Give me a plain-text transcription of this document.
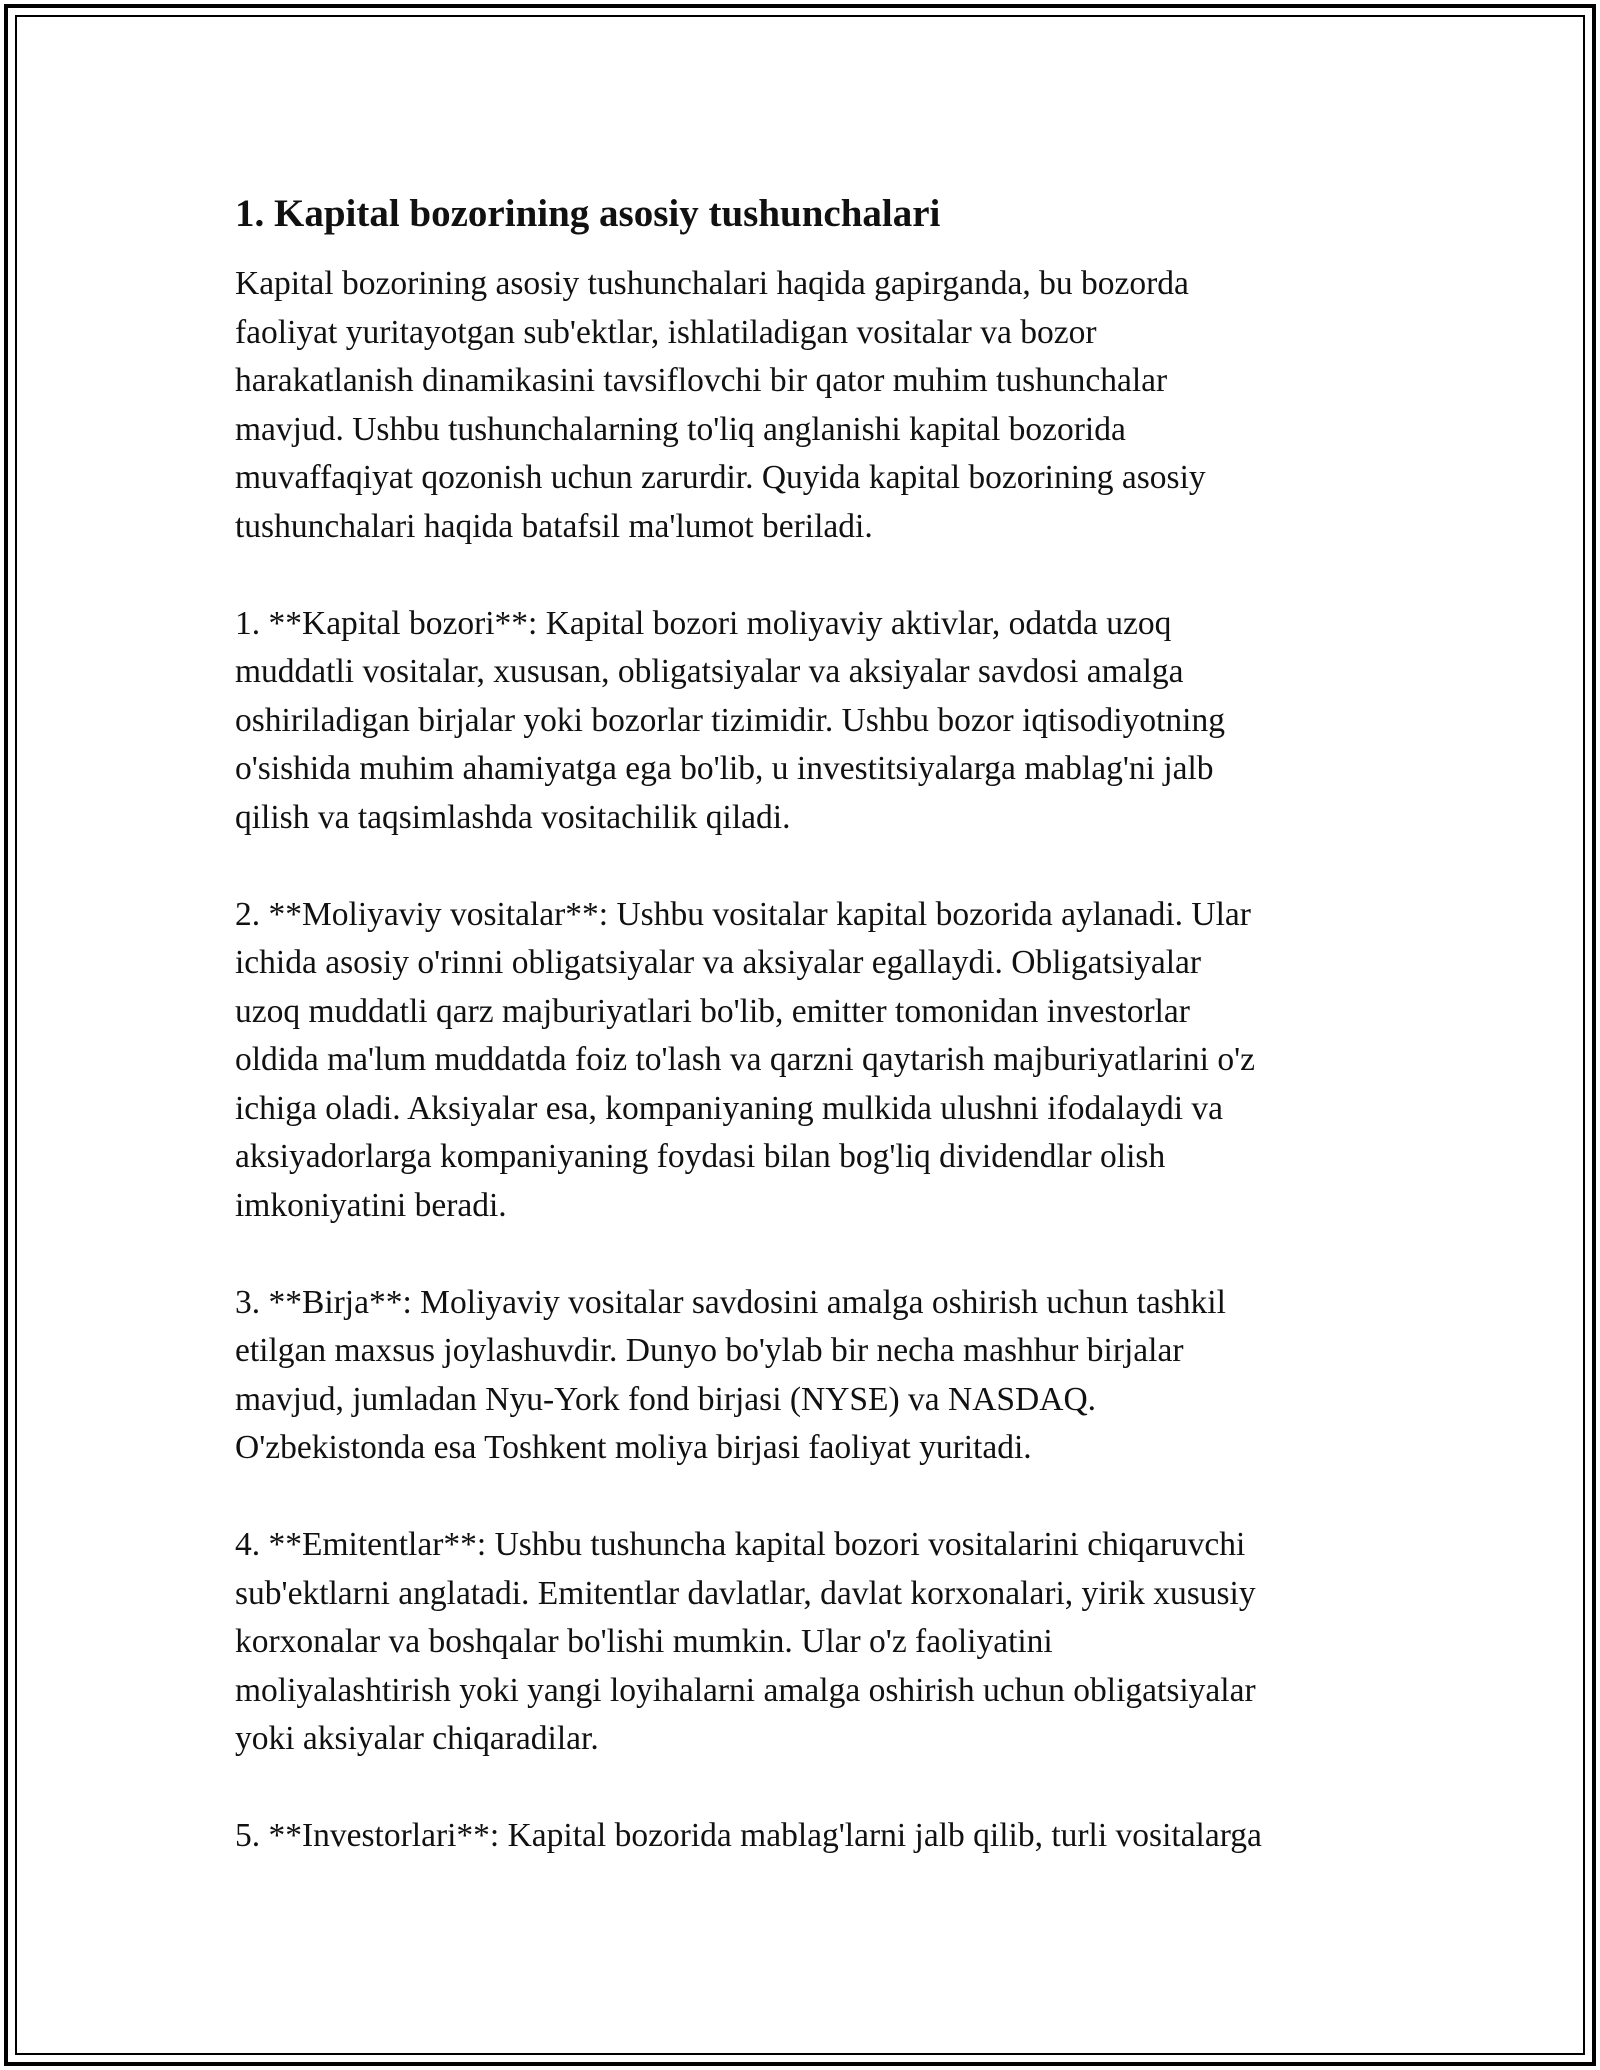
1. Kapital bozorining asosiy tushunchalari

Kapital bozorining asosiy tushunchalari haqida gapirganda, bu bozorda
faoliyat yuritayotgan sub'ektlar, ishlatiladigan vositalar va bozor
harakatlanish dinamikasini tavsiflovchi bir qator muhim tushunchalar
mavjud. Ushbu tushunchalarning to'liq anglanishi kapital bozorida
muvaffaqiyat qozonish uchun zarurdir. Quyida kapital bozorining asosiy
tushunchalari haqida batafsil ma'lumot beriladi.

1. **Kapital bozori**: Kapital bozori moliyaviy aktivlar, odatda uzoq
muddatli vositalar, xususan, obligatsiyalar va aksiyalar savdosi amalga
oshiriladigan birjalar yoki bozorlar tizimidir. Ushbu bozor iqtisodiyotning
o'sishida muhim ahamiyatga ega bo'lib, u investitsiyalarga mablag'ni jalb
qilish va taqsimlashda vositachilik qiladi.

2. **Moliyaviy vositalar**: Ushbu vositalar kapital bozorida aylanadi. Ular
ichida asosiy o'rinni obligatsiyalar va aksiyalar egallaydi. Obligatsiyalar
uzoq muddatli qarz majburiyatlari bo'lib, emitter tomonidan investorlar
oldida ma'lum muddatda foiz to'lash va qarzni qaytarish majburiyatlarini o'z
ichiga oladi. Aksiyalar esa, kompaniyaning mulkida ulushni ifodalaydi va
aksiyadorlarga kompaniyaning foydasi bilan bog'liq dividendlar olish
imkoniyatini beradi.

3. **Birja**: Moliyaviy vositalar savdosini amalga oshirish uchun tashkil
etilgan maxsus joylashuvdir. Dunyo bo'ylab bir necha mashhur birjalar
mavjud, jumladan Nyu-York fond birjasi (NYSE) va NASDAQ.
O'zbekistonda esa Toshkent moliya birjasi faoliyat yuritadi.

4. **Emitentlar**: Ushbu tushuncha kapital bozori vositalarini chiqaruvchi
sub'ektlarni anglatadi. Emitentlar davlatlar, davlat korxonalari, yirik xususiy
korxonalar va boshqalar bo'lishi mumkin. Ular o'z faoliyatini
moliyalashtirish yoki yangi loyihalarni amalga oshirish uchun obligatsiyalar
yoki aksiyalar chiqaradilar.

5. **Investorlari**: Kapital bozorida mablag'larni jalb qilib, turli vositalarga
